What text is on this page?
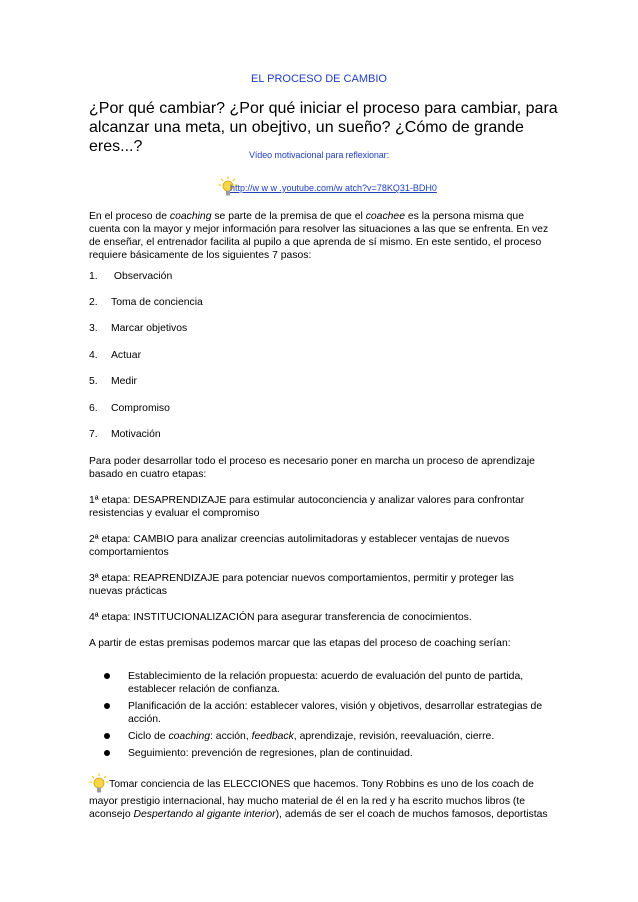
EL PROCESO DE CAMBIO
¿Por qué cambiar? ¿Por qué iniciar el proceso para cambiar, para alcanzar una meta, un obejtivo, un sueño? ¿Cómo de grande eres...?	Vídeo motivacional para reflexionar:
http://w w w .youtube.com/w atch?v=78KQ31-BDH0
En el proceso de coaching se parte de la premisa de que el coachee es la persona misma que cuenta con la mayor y mejor información para resolver las situaciones a las que se enfrenta. En vez de enseñar, el entrenador facilita al pupilo a que aprenda de sí mismo. En este sentido, el proceso requiere básicamente de los siguientes 7 pasos:
1. Observación
2. Toma de conciencia
3. Marcar objetivos
4. Actuar
5. Medir
6. Compromiso
7. Motivación
Para poder desarrollar todo el proceso es necesario poner en marcha un proceso de aprendizaje basado en cuatro etapas:
1ª etapa: DESAPRENDIZAJE para estimular autoconciencia y analizar valores para confrontar resistencias y evaluar el compromiso
2ª etapa: CAMBIO para analizar creencias autolimitadoras y establecer ventajas de nuevos comportamientos
3ª etapa: REAPRENDIZAJE para potenciar nuevos comportamientos, permitir y proteger las nuevas prácticas
4ª etapa: INSTITUCIONALIZACIÓN para asegurar transferencia de conocimientos.
A partir de estas premisas podemos marcar que las etapas del proceso de coaching serían:
Establecimiento de la relación propuesta: acuerdo de evaluación del punto de partida, establecer relación de confianza.
Planificación de la acción: establecer valores, visión y objetivos, desarrollar estrategias de acción.
Ciclo de coaching: acción, feedback, aprendizaje, revisión, reevaluación, cierre.
Seguimiento: prevención de regresiones, plan de continuidad.
Tomar conciencia de las ELECCIONES que hacemos. Tony Robbins es uno de los coach de mayor prestigio internacional, hay mucho material de él en la red y ha escrito muchos libros (te aconsejo Despertando al gigante interior), además de ser el coach de muchos famosos, deportistas
